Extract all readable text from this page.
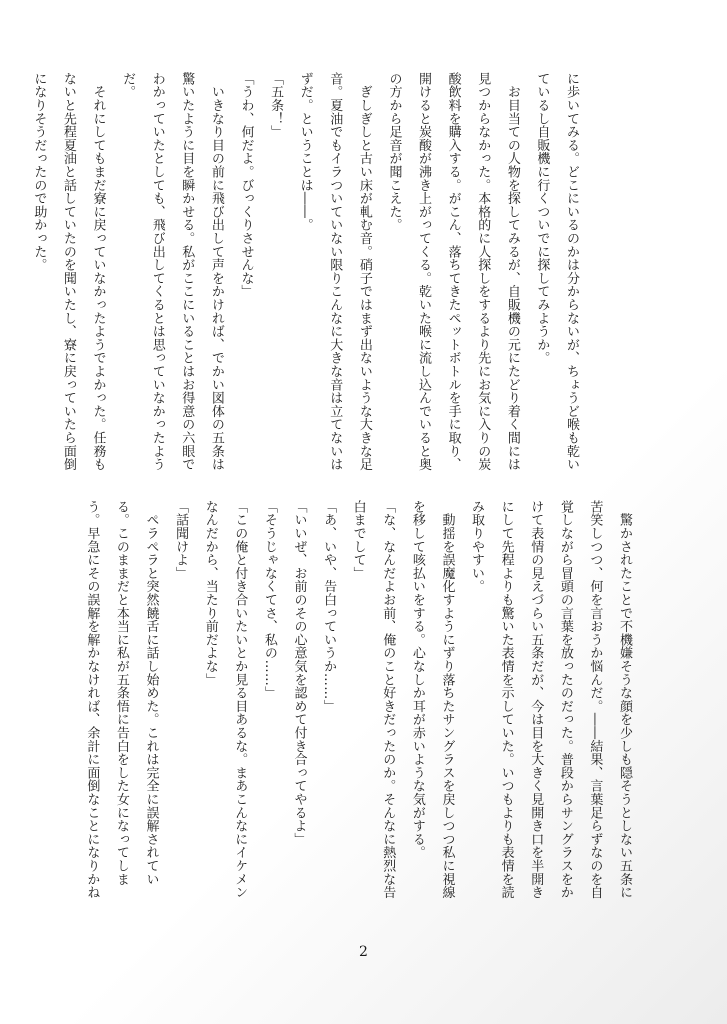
に歩いてみる。どこにいるのかは分からないが、ちょうど喉も乾い

ているし自販機に行くついでに探してみようか。

　お目当ての人物を探してみるが、自販機の元にたどり着く間には

見つからなかった。本格的に人探しをするより先にお気に入りの炭

酸飲料を購入する。がこん、落ちてきたペットボトルを手に取り、

開けると炭酸が沸き上がってくる。乾いた喉に流し込んでいると奥

の方から足音が聞こえた。

　ぎしぎしと古い床が軋む音。硝子ではまず出ないような大きな足

音。夏油でもイラついていない限りこんなに大きな音は立てないは

ずだ。ということは――。

「五条！」

「うわ、何だよ。びっくりさせんな」

　いきなり目の前に飛び出して声をかければ、でかい図体の五条は

驚いたように目を瞬かせる。私がここにいることはお得意の六眼で

わかっていたとしても、飛び出してくるとは思っていなかったよう

だ。

　それにしてもまだ寮に戻っていなかったようでよかった。任務も

ないと先程夏油と話していたのを聞いたし、寮に戻っていたら面倒

になりそうだったので助かった。

　驚かされたことで不機嫌そうな顔を少しも隠そうとしない五条に

苦笑しつつ、何を言おうか悩んだ。――結果、言葉足らずなのを自

覚しながら冒頭の言葉を放ったのだった。普段からサングラスをか

けて表情の見えづらい五条だが、今は目を大きく見開き口を半開き

にして先程よりも驚いた表情を示していた。いつもよりも表情を読

み取りやすい。

　動揺を誤魔化すようにずり落ちたサングラスを戻しつつ私に視線

を移して咳払いをする。心なしか耳が赤いような気がする。

「な、なんだよお前、俺のこと好きだったのか。そんなに熱烈な告

白までして」

「あ、いや、告白っていうか……」

「いいぜ、お前のその心意気を認めて付き合ってやるよ」

「そうじゃなくてさ、私の……」

「この俺と付き合いたいとか見る目あるな。まあこんなにイケメン

なんだから、当たり前だよな」

「話聞けよ」

　ペラペラと突然饒舌に話し始めた。これは完全に誤解されてい

る。このままだと本当に私が五条悟に告白をした女になってしま

う。早急にその誤解を解かなければ、余計に面倒なことになりかね

2
